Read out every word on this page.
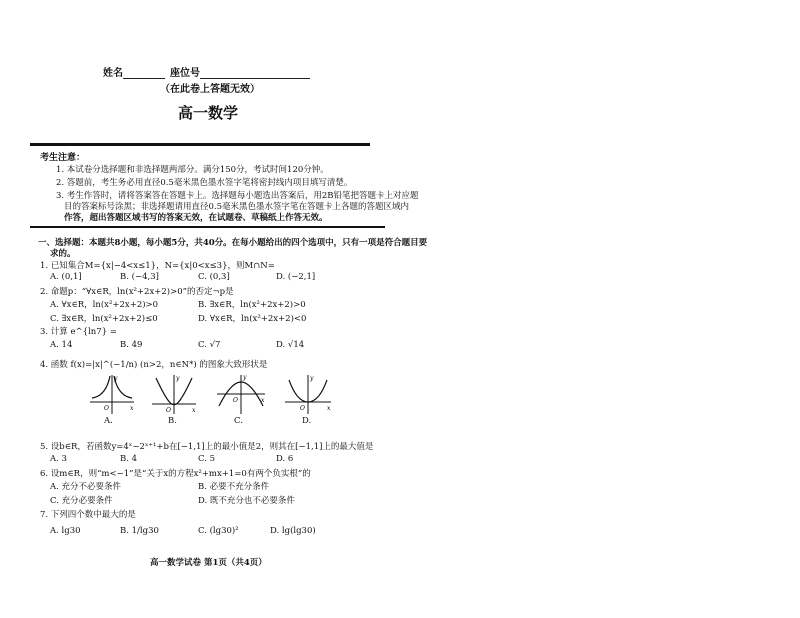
姓名	座位号
（在此卷上答题无效）
高一数学
考生注意：
1. 本试卷分选择题和非选择题两部分。满分150分，考试时间120分钟。
2. 答题前，考生务必用直径0.5毫米黑色墨水签字笔将密封线内项目填写清楚。
3. 考生作答时，请将答案答在答题卡上。选择题每小题选出答案后，用2B铅笔把答题卡上对应题
目的答案标号涂黑；非选择题请用直径0.5毫米黑色墨水签字笔在答题卡上各题的答题区域内
作答，超出答题区域书写的答案无效，在试题卷、草稿纸上作答无效。
一、选择题：本题共8小题，每小题5分，共40分。在每小题给出的四个选项中，只有一项是符合题目要
求的。
1. 已知集合M={x|−4<x≤1}，N={x|0<x≤3}，则M∩N=
A. (0,1]	B. (−4,3]	C. (0,3]	D. (−2,1]
2. 命题p：“∀x∈R，ln(x²+2x+2)>0”的否定¬p是
A. ∀x∈R，ln(x²+2x+2)>0	B. ∃x∈R，ln(x²+2x+2)>0
C. ∃x∈R，ln(x²+2x+2)≤0	D. ∀x∈R，ln(x²+2x+2)<0
3. 计算 e^{ln7} =
A. 14	B. 49	C. √7	D. √14
4. 函数 f(x)=|x|^(−1/n) (n>2，n∈N*) 的图象大致形状是
y
x
O
y
x
O
y
x
O
y
x
O
A.	B.	C.	D.
5. 设b∈R，若函数y=4ˣ−2ˣ⁺¹+b在[−1,1]上的最小值是2，则其在[−1,1]上的最大值是
A. 3	B. 4	C. 5	D. 6
6. 设m∈R，则“m<−1”是“关于x的方程x²+mx+1=0有两个负实根”的
A. 充分不必要条件	B. 必要不充分条件
C. 充分必要条件	D. 既不充分也不必要条件
7. 下列四个数中最大的是
A. lg30	B. 1/lg30	C. (lg30)²	D. lg(lg30)
高一数学试卷 第1页（共4页）
